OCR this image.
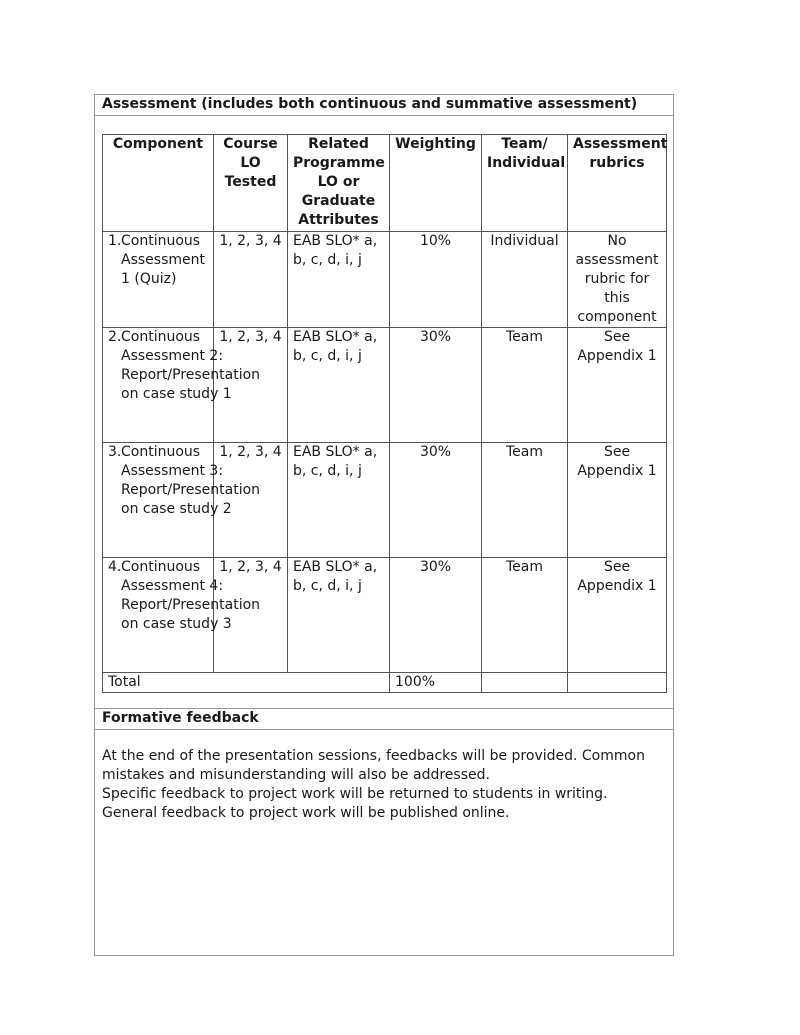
Assessment (includes both continuous and summative assessment)
Component	Course LO Tested	Related Programme LO or Graduate Attributes	Weighting	Team/ Individual	Assessment rubrics

1. Continuous Assessment 1 (Quiz)	1, 2, 3, 4	EAB SLO* a, b, c, d, i, j	10%	Individual	No assessment rubric for this component

2. Continuous Assessment 2: Report/Presentation on case study 1	1, 2, 3, 4	EAB SLO* a, b, c, d, i, j	30%	Team	See Appendix 1

3. Continuous Assessment 3: Report/Presentation on case study 2	1, 2, 3, 4	EAB SLO* a, b, c, d, i, j	30%	Team	See Appendix 1

4. Continuous Assessment 4: Report/Presentation on case study 3	1, 2, 3, 4	EAB SLO* a, b, c, d, i, j	30%	Team	See Appendix 1
Total			100%		
Formative feedback

At the end of the presentation sessions, feedbacks will be provided. Common mistakes and misunderstanding will also be addressed.

Specific feedback to project work will be returned to students in writing. General feedback to project work will be published online.
